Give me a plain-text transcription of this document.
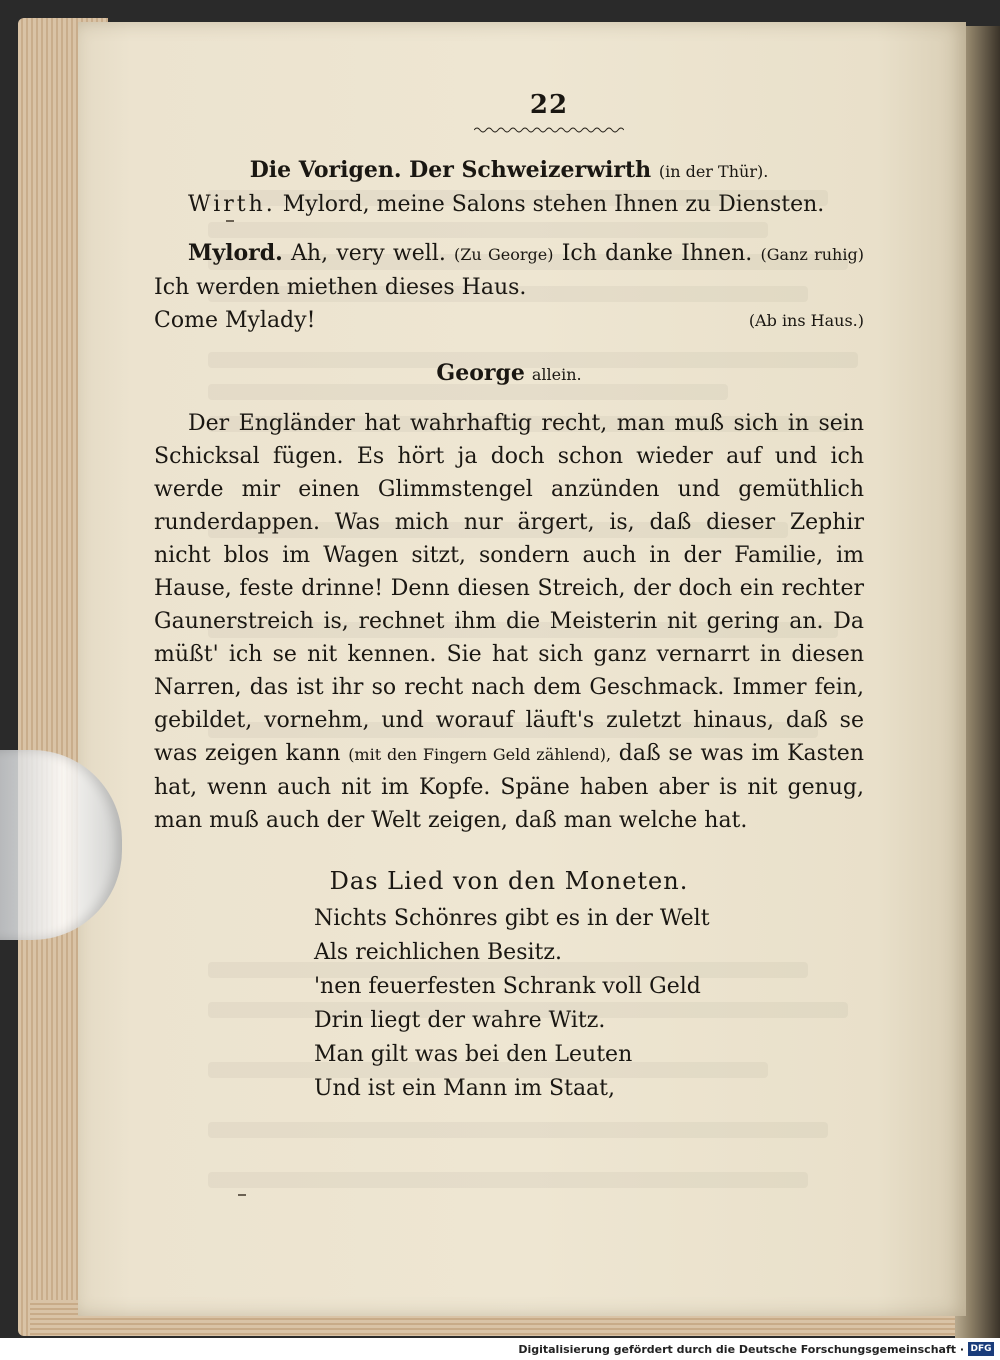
22

Die Vorigen. Der Schweizerwirth (in der Thür).

Wirth. Mylord, meine Salons stehen Ihnen zu Diensten.

Mylord. Ah, very well. (Zu George) Ich danke Ihnen. (Ganz ruhig) Ich werden miethen dieses Haus.

Come Mylady!	(Ab ins Haus.)

George allein.

Der Engländer hat wahrhaftig recht, man muß sich in sein Schicksal fügen. Es hört ja doch schon wieder auf und ich werde mir einen Glimmstengel anzünden und gemüthlich runderdappen. Was mich nur ärgert, is, daß dieser Zephir nicht blos im Wagen sitzt, sondern auch in der Familie, im Hause, feste drinne! Denn diesen Streich, der doch ein rechter Gaunerstreich is, rechnet ihm die Meisterin nit gering an. Da müßt' ich se nit kennen. Sie hat sich ganz vernarrt in diesen Narren, das ist ihr so recht nach dem Geschmack. Immer fein, gebildet, vornehm, und worauf läuft's zuletzt hinaus, daß se was zeigen kann (mit den Fingern Geld zählend), daß se was im Kasten hat, wenn auch nit im Kopfe. Späne haben aber is nit genug, man muß auch der Welt zeigen, daß man welche hat.

Das Lied von den Moneten.

Nichts Schönres gibt es in der Welt

Als reichlichen Besitz.

'nen feuerfesten Schrank voll Geld

Drin liegt der wahre Witz.

Man gilt was bei den Leuten

Und ist ein Mann im Staat,

Digitalisierung gefördert durch die Deutsche Forschungsgemeinschaft · DFG
